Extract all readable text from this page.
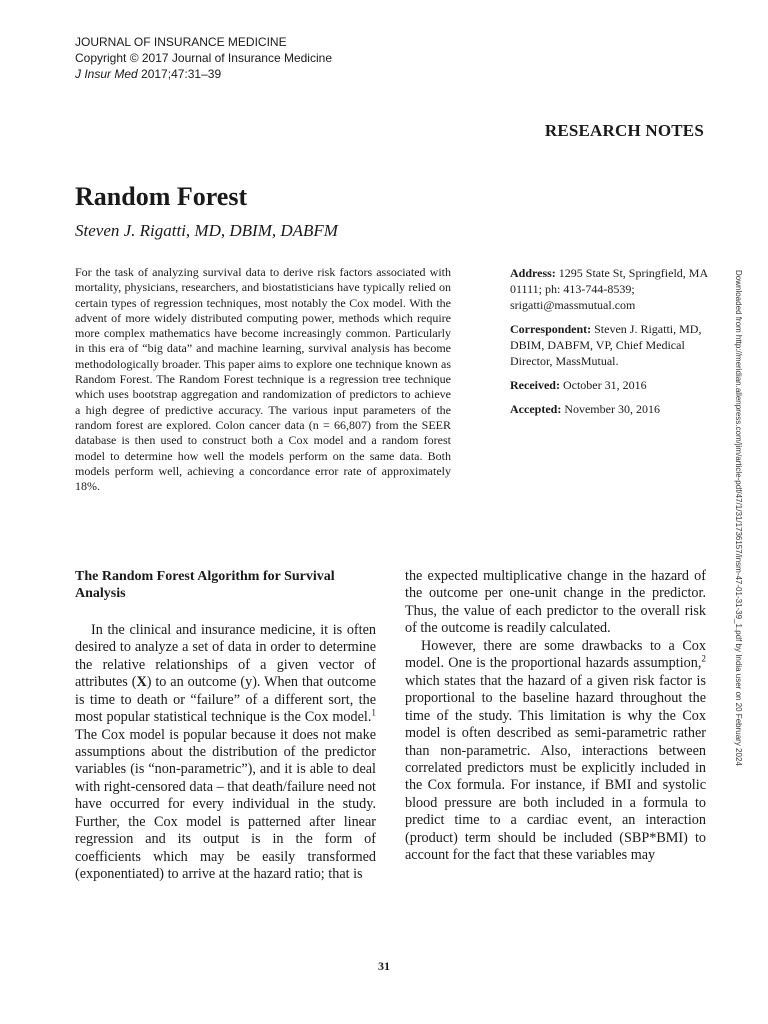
JOURNAL OF INSURANCE MEDICINE
Copyright © 2017 Journal of Insurance Medicine
J Insur Med 2017;47:31–39
RESEARCH NOTES
Random Forest
Steven J. Rigatti, MD, DBIM, DABFM

For the task of analyzing survival data to derive risk factors associated with mortality, physicians, researchers, and biostatisticians have typically relied on certain types of regression techniques, most notably the Cox model. With the advent of more widely distributed computing power, methods which require more complex mathematics have become increasingly common. Particularly in this era of “big data” and machine learning, survival analysis has become methodologically broader. This paper aims to explore one technique known as Random Forest. The Random Forest technique is a regression tree technique which uses bootstrap aggregation and randomization of predictors to achieve a high degree of predictive accuracy. The various input parameters of the random forest are explored. Colon cancer data (n = 66,807) from the SEER database is then used to construct both a Cox model and a random forest model to determine how well the models perform on the same data. Both models perform well, achieving a concordance error rate of approximately 18%.

Address: 1295 State St, Springfield, MA 01111; ph: 413-744-8539; srigatti@massmutual.com

Correspondent: Steven J. Rigatti, MD, DBIM, DABFM, VP, Chief Medical Director, MassMutual.

Received: October 31, 2016

Accepted: November 30, 2016	Downloaded from http://meridian.allenpress.com/jim/article-pdf/47/1/31/1736157/insm-47-01-31-39_1.pdf by India user on 20 February 2024
The Random Forest Algorithm for Survival Analysis

In the clinical and insurance medicine, it is often desired to analyze a set of data in order to determine the relative relationships of a given vector of attributes (X) to an outcome (y). When that outcome is time to death or “failure” of a different sort, the most popular statistical technique is the Cox model.$^1$ The Cox model is popular because it does not make assumptions about the distribution of the predictor variables (is “non-parametric”), and it is able to deal with right-censored data – that death/failure need not have occurred for every individual in the study. Further, the Cox model is patterned after linear regression and its output is in the form of coefficients which may be easily transformed (exponentiated) to arrive at the hazard ratio; that is

the expected multiplicative change in the hazard of the outcome per one-unit change in the predictor. Thus, the value of each predictor to the overall risk of the outcome is readily calculated.

However, there are some drawbacks to a Cox model. One is the proportional hazards assumption,$^2$ which states that the hazard of a given risk factor is proportional to the baseline hazard throughout the time of the study. This limitation is why the Cox model is often described as semi-parametric rather than non-parametric. Also, interactions between correlated predictors must be explicitly included in the Cox formula. For instance, if BMI and systolic blood pressure are both included in a formula to predict time to a cardiac event, an interaction (product) term should be included (SBP*BMI) to account for the fact that these variables may

31
